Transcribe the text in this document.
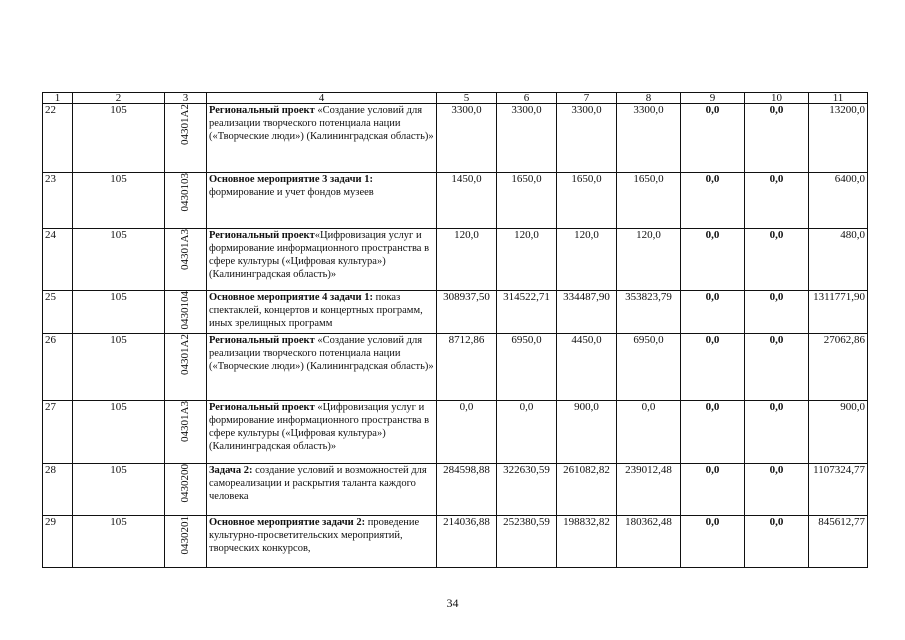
1	2	3	4	5	6	7	8	9	10	11
22	105	04301A2	Региональный проект «Создание условий для реализации творческого потенциала нации («Творческие люди») (Калининградская область)»	3300,0	3300,0	3300,0	3300,0	0,0	0,0	13200,0
23	105	0430103	Основное мероприятие 3 задачи 1: формирование и учет фондов музеев	1450,0	1650,0	1650,0	1650,0	0,0	0,0	6400,0
24	105	04301A3	Региональный проект«Цифровизация услуг и формирование информационного пространства в сфере культуры («Цифровая культура») (Калининградская область)»	120,0	120,0	120,0	120,0	0,0	0,0	480,0
25	105	0430104	Основное мероприятие 4 задачи 1: показ спектаклей, концертов и концертных программ, иных зрелищных программ	308937,50	314522,71	334487,90	353823,79	0,0	0,0	1311771,90
26	105	04301A2	Региональный проект «Создание условий для реализации творческого потенциала нации («Творческие люди») (Калининградская область)»	8712,86	6950,0	4450,0	6950,0	0,0	0,0	27062,86
27	105	04301A3	Региональный проект «Цифровизация услуг и формирование информационного пространства в сфере культуры («Цифровая культура») (Калининградская область)»	0,0	0,0	900,0	0,0	0,0	0,0	900,0
28	105	0430200	Задача 2: создание условий и возможностей для самореализации и раскрытия таланта каждого человека	284598,88	322630,59	261082,82	239012,48	0,0	0,0	1107324,77
29	105	0430201	Основное мероприятие задачи 2: проведение культурно-просветительских мероприятий, творческих конкурсов,	214036,88	252380,59	198832,82	180362,48	0,0	0,0	845612,77
34
